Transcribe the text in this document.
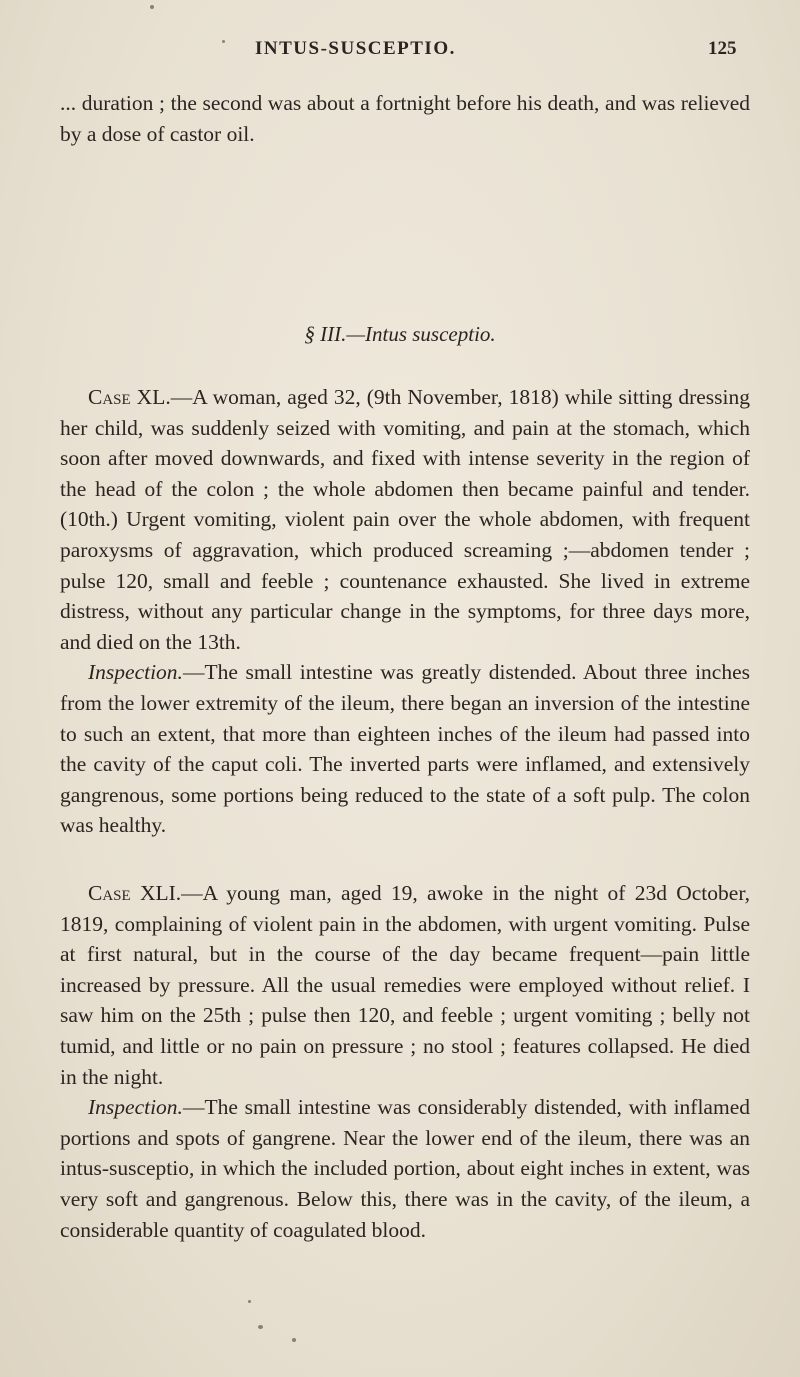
INTUS-SUSCEPTIO.	125

... duration ; the second was about a fortnight before his death, and was relieved by a dose of castor oil.

§ III.—Intus susceptio.

Case XL.—A woman, aged 32, (9th November, 1818) while sitting dressing her child, was suddenly seized with vomiting, and pain at the stomach, which soon after moved downwards, and fixed with intense severity in the region of the head of the colon ; the whole abdomen then became painful and tender. (10th.) Urgent vomiting, violent pain over the whole abdomen, with frequent paroxysms of aggravation, which produced screaming ;—abdomen tender ; pulse 120, small and feeble ; countenance exhausted. She lived in extreme distress, without any particular change in the symptoms, for three days more, and died on the 13th.

Inspection.—The small intestine was greatly distended. About three inches from the lower extremity of the ileum, there began an inversion of the intestine to such an extent, that more than eighteen inches of the ileum had passed into the cavity of the caput coli. The inverted parts were inflamed, and extensively gangrenous, some portions being reduced to the state of a soft pulp. The colon was healthy.

Case XLI.—A young man, aged 19, awoke in the night of 23d October, 1819, complaining of violent pain in the abdomen, with urgent vomiting. Pulse at first natural, but in the course of the day became frequent—pain little increased by pressure. All the usual remedies were employed without relief. I saw him on the 25th ; pulse then 120, and feeble ; urgent vomiting ; belly not tumid, and little or no pain on pressure ; no stool ; features collapsed. He died in the night.

Inspection.—The small intestine was considerably distended, with inflamed portions and spots of gangrene. Near the lower end of the ileum, there was an intus-susceptio, in which the included portion, about eight inches in extent, was very soft and gangrenous. Below this, there was in the cavity, of the ileum, a considerable quantity of coagulated blood.
